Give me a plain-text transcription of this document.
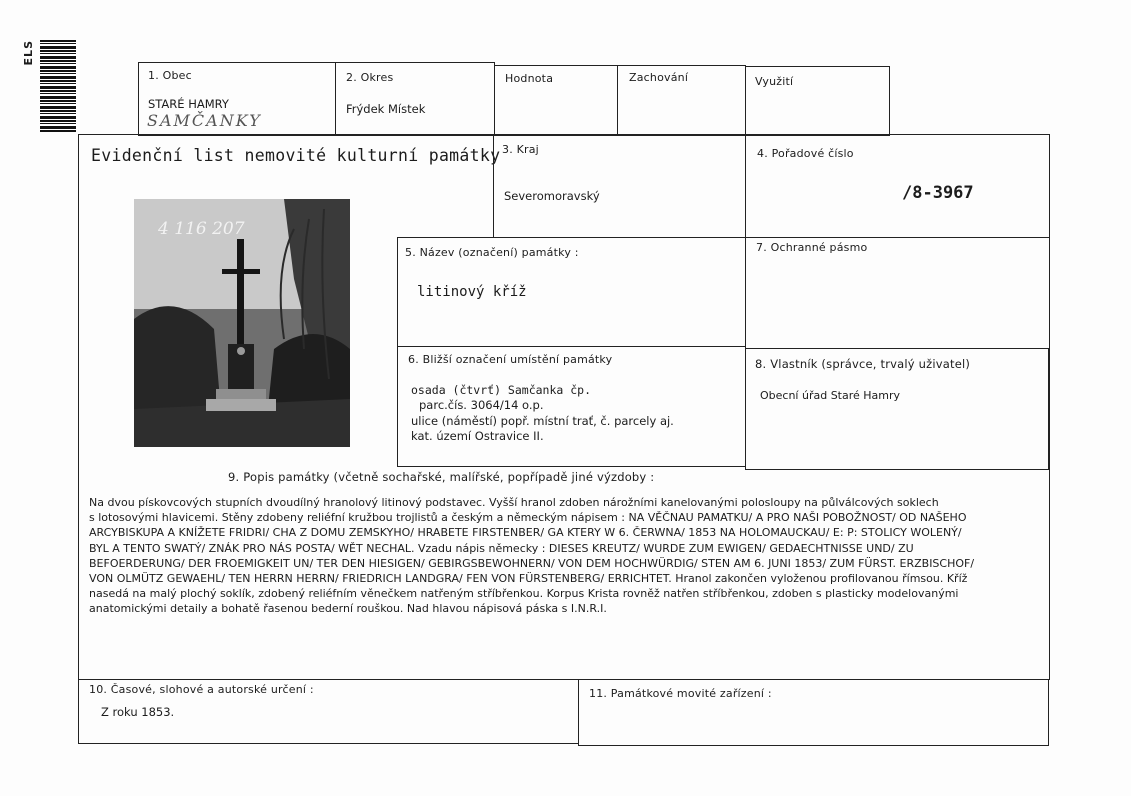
ELS
1. Obec
STARÉ HAMRY
SAMČANKY
2. Okres
Frýdek Místek
Hodnota	Zachování	Využití
Evidenční list nemovité kulturní památky
4 116 207
3. Kraj
Severomoravský
4. Pořadové číslo
/8-3967
5. Název (označení) památky :
litinový kříž
7. Ochranné pásmo
6. Bližší označení umístění památky
osada (čtvrť) Samčanka čp.
parc.čís. 3064/14 o.p.
ulice (náměstí) popř. místní trať, č. parcely aj.
kat. území Ostravice II.
8. Vlastník (správce, trvalý uživatel)
Obecní úřad Staré Hamry
9. Popis památky (včetně sochařské, malířské, popřípadě jiné výzdoby :
Na dvou pískovcových stupních dvoudílný hranolový litinový podstavec. Vyšší hranol zdoben nárožními kanelovanými polosloupy na půlválcových soklech
s lotosovými hlavicemi. Stěny zdobeny reliéfní kružbou trojlistů a českým a německým nápisem : NA VĚČNAU PAMATKU/ A PRO NAŠI POBOŽNOST/ OD NAŠEHO
ARCYBISKUPA A KNÍŽETE FRIDRI/ CHA Z DOMU ZEMSKYHO/ HRABETE FIRSTENBER/ GA KTERY W 6. ČERWNA/ 1853 NA HOLOMAUCKAU/ E: P: STOLICY WOLENÝ/
BYL A TENTO SWATÝ/ ZNÁK PRO NÁS POSTA/ WĚT NECHAL. Vzadu nápis německy : DIESES KREUTZ/ WURDE ZUM EWIGEN/ GEDAECHTNISSE UND/ ZU
BEFOERDERUNG/ DER FROEMIGKEIT UN/ TER DEN HIESIGEN/ GEBIRGSBEWOHNERN/ VON DEM HOCHWÜRDIG/ STEN AM 6. JUNI 1853/ ZUM FÜRST. ERZBISCHOF/
VON OLMÜTZ GEWAEHL/ TEN HERRN HERRN/ FRIEDRICH LANDGRA/ FEN VON FÜRSTENBERG/ ERRICHTET. Hranol zakončen vyloženou profilovanou římsou. Kříž
nasedá na malý plochý soklík, zdobený reliéfním věnečkem natřeným stříbřenkou. Korpus Krista rovněž natřen stříbřenkou, zdoben s plasticky modelovanými
anatomickými detaily a bohatě řasenou bederní rouškou. Nad hlavou nápisová páska s I.N.R.I.
10. Časové, slohové a autorské určení :
Z roku 1853.
11. Památkové movité zařízení :
